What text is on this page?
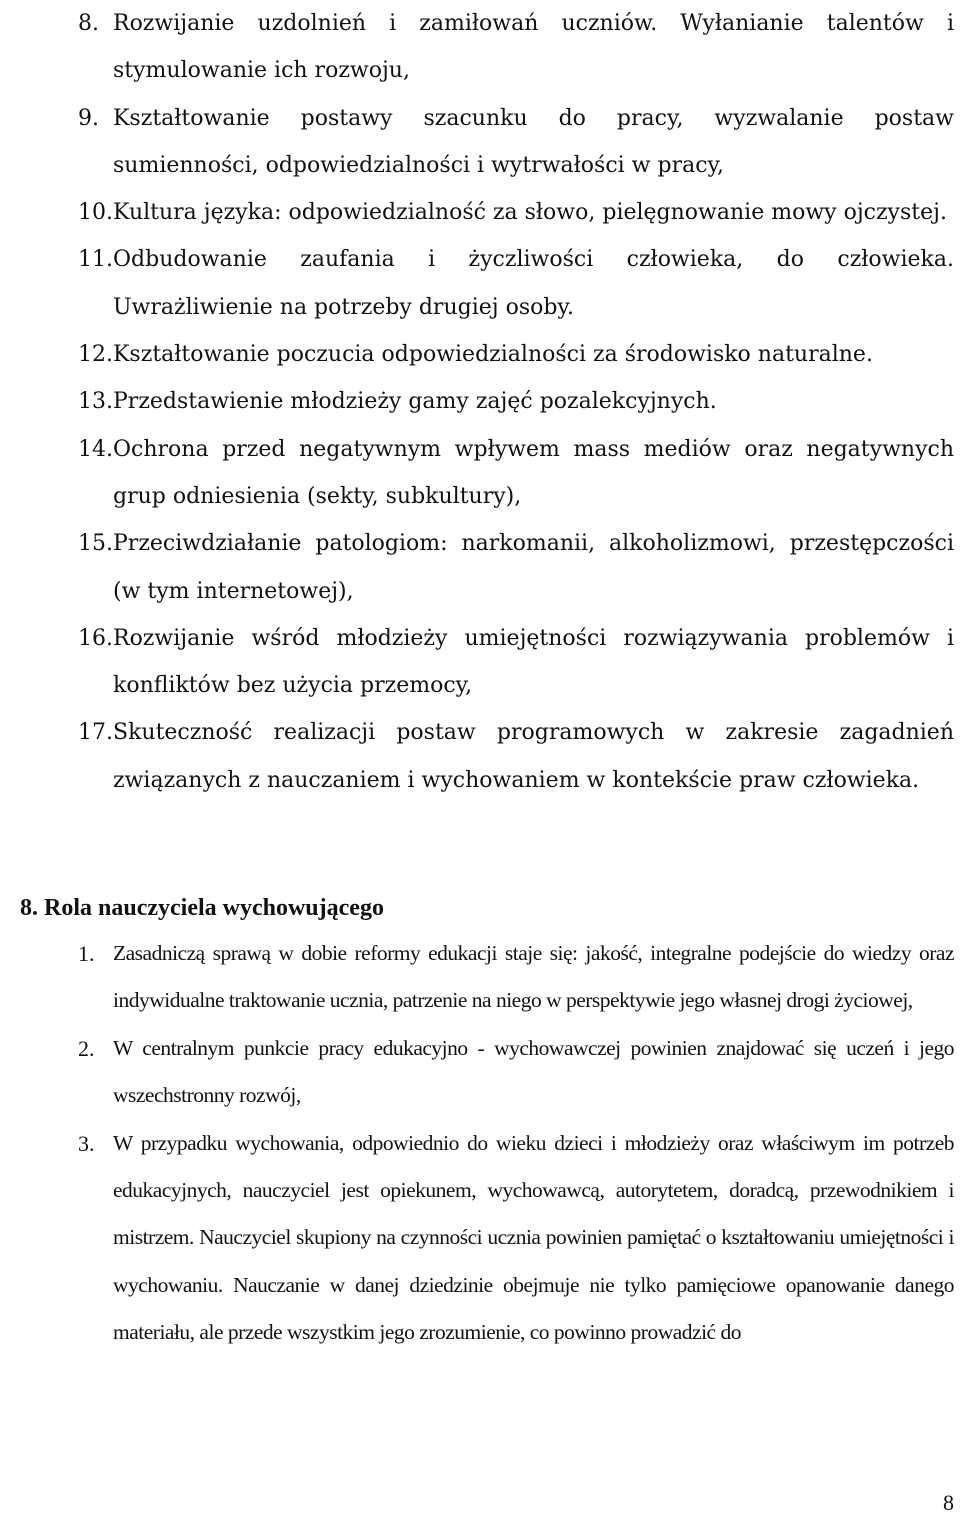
8. Rozwijanie uzdolnień i zamiłowań uczniów. Wyłanianie talentów i stymulowanie ich rozwoju,
9. Kształtowanie postawy szacunku do pracy, wyzwalanie postaw sumienności, odpowiedzialności i wytrwałości w pracy,
10. Kultura języka: odpowiedzialność za słowo, pielęgnowanie mowy ojczystej.
11. Odbudowanie zaufania i życzliwości człowieka, do człowieka. Uwrażliwienie na potrzeby drugiej osoby.
12. Kształtowanie poczucia odpowiedzialności za środowisko naturalne.
13. Przedstawienie młodzieży gamy zajęć pozalekcyjnych.
14. Ochrona przed negatywnym wpływem mass mediów oraz negatywnych grup odniesienia (sekty, subkultury),
15. Przeciwdziałanie patologiom: narkomanii, alkoholizmowi, przestępczości (w tym internetowej),
16. Rozwijanie wśród młodzieży umiejętności rozwiązywania problemów i konfliktów bez użycia przemocy,
17. Skuteczność realizacji postaw programowych w zakresie zagadnień związanych z nauczaniem i wychowaniem w kontekście praw człowieka.
8. Rola nauczyciela wychowującego
1. Zasadniczą sprawą w dobie reformy edukacji staje się: jakość, integralne podejście do wiedzy oraz indywidualne traktowanie ucznia, patrzenie na niego w perspektywie jego własnej drogi życiowej,
2. W centralnym punkcie pracy edukacyjno - wychowawczej powinien znajdować się uczeń i jego wszechstronny rozwój,
3. W przypadku wychowania, odpowiednio do wieku dzieci i młodzieży oraz właściwym im potrzeb edukacyjnych, nauczyciel jest opiekunem, wychowawcą, autorytetem, doradcą, przewodnikiem i mistrzem. Nauczyciel skupiony na czynności ucznia powinien pamiętać o kształtowaniu umiejętności i wychowaniu. Nauczanie w danej dziedzinie obejmuje nie tylko pamięciowe opanowanie danego materiału, ale przede wszystkim jego zrozumienie, co powinno prowadzić do
8
